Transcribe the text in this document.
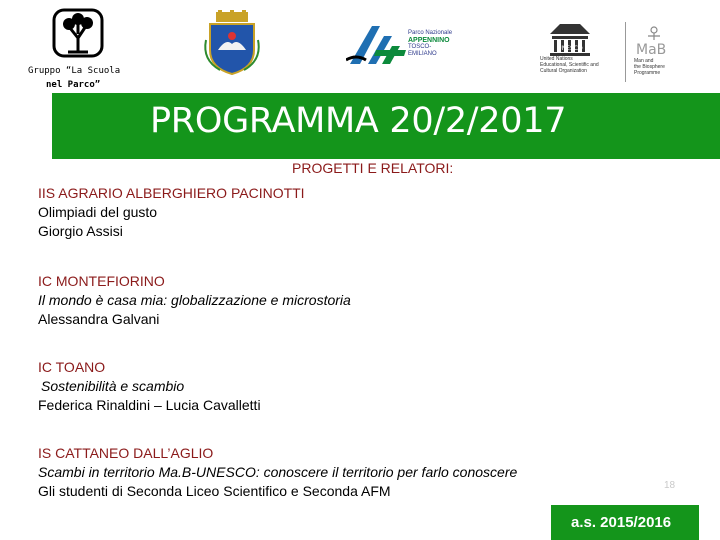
Gruppo “La Scuola
nel Parco”
Parco Nazionale
APPENNINO
TOSCO-EMILIANO
UNESCO
United Nations
Educational, Scientific and
Cultural Organization
MaB
Man and
the Biosphere
Programme
PROGRAMMA 20/2/2017
PROGETTI E RELATORI:

IIS AGRARIO ALBERGHIERO PACINOTTI
Olimpiadi del gusto
Giorgio Assisi

IC MONTEFIORINO
Il mondo è casa mia: globalizzazione e microstoria
Alessandra Galvani

IC TOANO
Sostenibilità e scambio
Federica Rinaldini – Lucia Cavalletti

IS CATTANEO DALL’AGLIO
Scambi in territorio Ma.B-UNESCO: conoscere il territorio per farlo conoscere
Gli studenti di Seconda Liceo Scientifico e Seconda AFM	18
a.s. 2015/2016
